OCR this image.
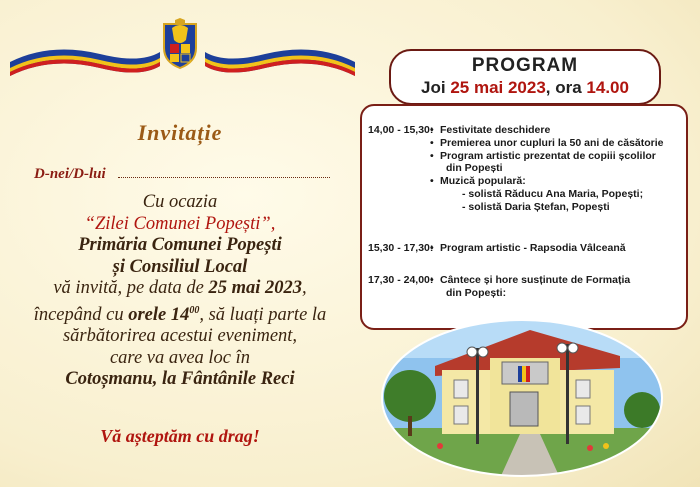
Invitație
D-nei/D-lui
Cu ocazia
“Zilei Comunei Popești”,
Primăria Comunei Popești
și Consiliul Local
vă invită, pe data de 25 mai 2023,
începând cu orele $14^{00}$, să luați parte la
sărbătorirea acestui eveniment,
care va avea loc în
Cotoșmanu, la Fântânile Reci
Vă așteptăm cu drag!
PROGRAM
Joi 25 mai 2023, ora 14.00
14,00 - 15,30: • Festivitate deschidere
• Premierea unor cupluri la 50 ani de căsătorie
• Program artistic prezentat de copiii școlilor
din Popești
• Muzică populară:
- solistă Răducu Ana Maria, Popești;
- solistă Daria Ștefan, Popești
15,30 - 17,30: • Program artistic - Rapsodia Vâlceană
17,30 - 24,00: • Cântece și hore susținute de Formația
din Popești:
